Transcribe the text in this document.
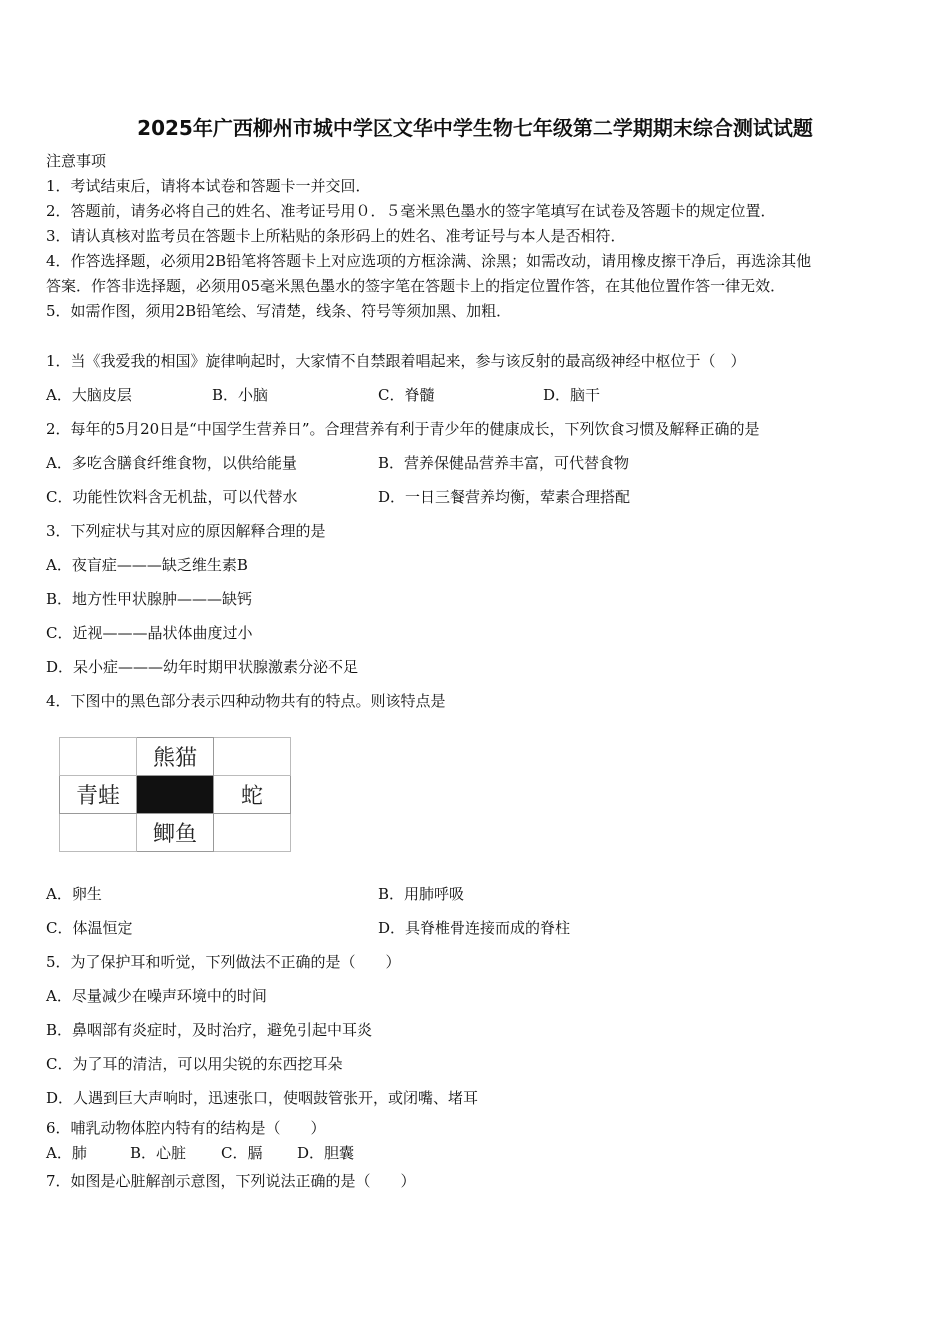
2025年广西柳州市城中学区文华中学生物七年级第二学期期末综合测试试题
注意事项
1．考试结束后，请将本试卷和答题卡一并交回．
2．答题前，请务必将自己的姓名、准考证号用０．５毫米黑色墨水的签字笔填写在试卷及答题卡的规定位置．
3．请认真核对监考员在答题卡上所粘贴的条形码上的姓名、准考证号与本人是否相符．
4．作答选择题，必须用2B铅笔将答题卡上对应选项的方框涂满、涂黑；如需改动，请用橡皮擦干净后，再选涂其他
答案．作答非选择题，必须用05毫米黑色墨水的签字笔在答题卡上的指定位置作答，在其他位置作答一律无效．
5．如需作图，须用2B铅笔绘、写清楚，线条、符号等须加黑、加粗．
1．当《我爱我的相国》旋律响起时，大家情不自禁跟着唱起来，参与该反射的最高级神经中枢位于（　）
A．大脑皮层	B．小脑	C．脊髓	D．脑干
2．每年的5月20日是“中国学生营养日”。合理营养有利于青少年的健康成长，下列饮食习惯及解释正确的是
A．多吃含膳食纤维食物，以供给能量	B．营养保健品营养丰富，可代替食物
C．功能性饮料含无机盐，可以代替水	D．一日三餐营养均衡，荤素合理搭配
3．下列症状与其对应的原因解释合理的是
A．夜盲症———缺乏维生素B
B．地方性甲状腺肿———缺钙
C．近视———晶状体曲度过小
D．呆小症———幼年时期甲状腺激素分泌不足
4．下图中的黑色部分表示四种动物共有的特点。则该特点是
	熊猫	
青蛙		蛇
	鲫鱼	
A．卵生	B．用肺呼吸
C．体温恒定	D．具脊椎骨连接而成的脊柱
5．为了保护耳和听觉，下列做法不正确的是（　　）
A．尽量减少在噪声环境中的时间
B．鼻咽部有炎症时，及时治疗，避免引起中耳炎
C．为了耳的清洁，可以用尖锐的东西挖耳朵
D．人遇到巨大声响时，迅速张口，使咽鼓管张开，或闭嘴、堵耳
6．哺乳动物体腔内特有的结构是（　　）
A．肺	B．心脏 C．膈 D．胆囊
7．如图是心脏解剖示意图，下列说法正确的是（　　）
